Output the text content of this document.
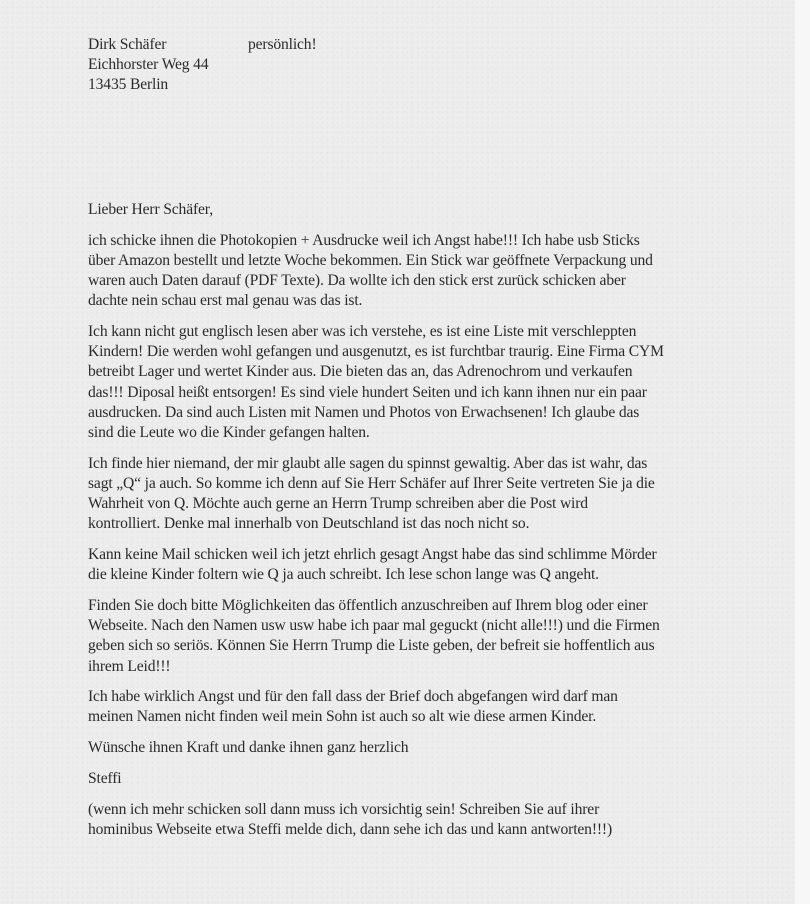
Dirk Schäfer
Eichhorster Weg 44
13435 Berlin
persönlich!

Lieber Herr Schäfer,

ich schicke ihnen die Photokopien + Ausdrucke weil ich Angst habe!!! Ich habe usb Sticks
über Amazon bestellt und letzte Woche bekommen. Ein Stick war geöffnete Verpackung und
waren auch Daten darauf (PDF Texte). Da wollte ich den stick erst zurück schicken aber
dachte nein schau erst mal genau was das ist.

Ich kann nicht gut englisch lesen aber was ich verstehe, es ist eine Liste mit verschleppten
Kindern! Die werden wohl gefangen und ausgenutzt, es ist furchtbar traurig. Eine Firma CYM
betreibt Lager und wertet Kinder aus. Die bieten das an, das Adrenochrom und verkaufen
das!!! Diposal heißt entsorgen! Es sind viele hundert Seiten und ich kann ihnen nur ein paar
ausdrucken. Da sind auch Listen mit Namen und Photos von Erwachsenen! Ich glaube das
sind die Leute wo die Kinder gefangen halten.

Ich finde hier niemand, der mir glaubt alle sagen du spinnst gewaltig. Aber das ist wahr, das
sagt „Q“ ja auch. So komme ich denn auf Sie Herr Schäfer auf Ihrer Seite vertreten Sie ja die
Wahrheit von Q. Möchte auch gerne an Herrn Trump schreiben aber die Post wird
kontrolliert. Denke mal innerhalb von Deutschland ist das noch nicht so.

Kann keine Mail schicken weil ich jetzt ehrlich gesagt Angst habe das sind schlimme Mörder
die kleine Kinder foltern wie Q ja auch schreibt. Ich lese schon lange was Q angeht.

Finden Sie doch bitte Möglichkeiten das öffentlich anzuschreiben auf Ihrem blog oder einer
Webseite. Nach den Namen usw usw habe ich paar mal geguckt (nicht alle!!!) und die Firmen
geben sich so seriös. Können Sie Herrn Trump die Liste geben, der befreit sie hoffentlich aus
ihrem Leid!!!

Ich habe wirklich Angst und für den fall dass der Brief doch abgefangen wird darf man
meinen Namen nicht finden weil mein Sohn ist auch so alt wie diese armen Kinder.

Wünsche ihnen Kraft und danke ihnen ganz herzlich

Steffi

(wenn ich mehr schicken soll dann muss ich vorsichtig sein! Schreiben Sie auf ihrer
hominibus Webseite etwa Steffi melde dich, dann sehe ich das und kann antworten!!!)
